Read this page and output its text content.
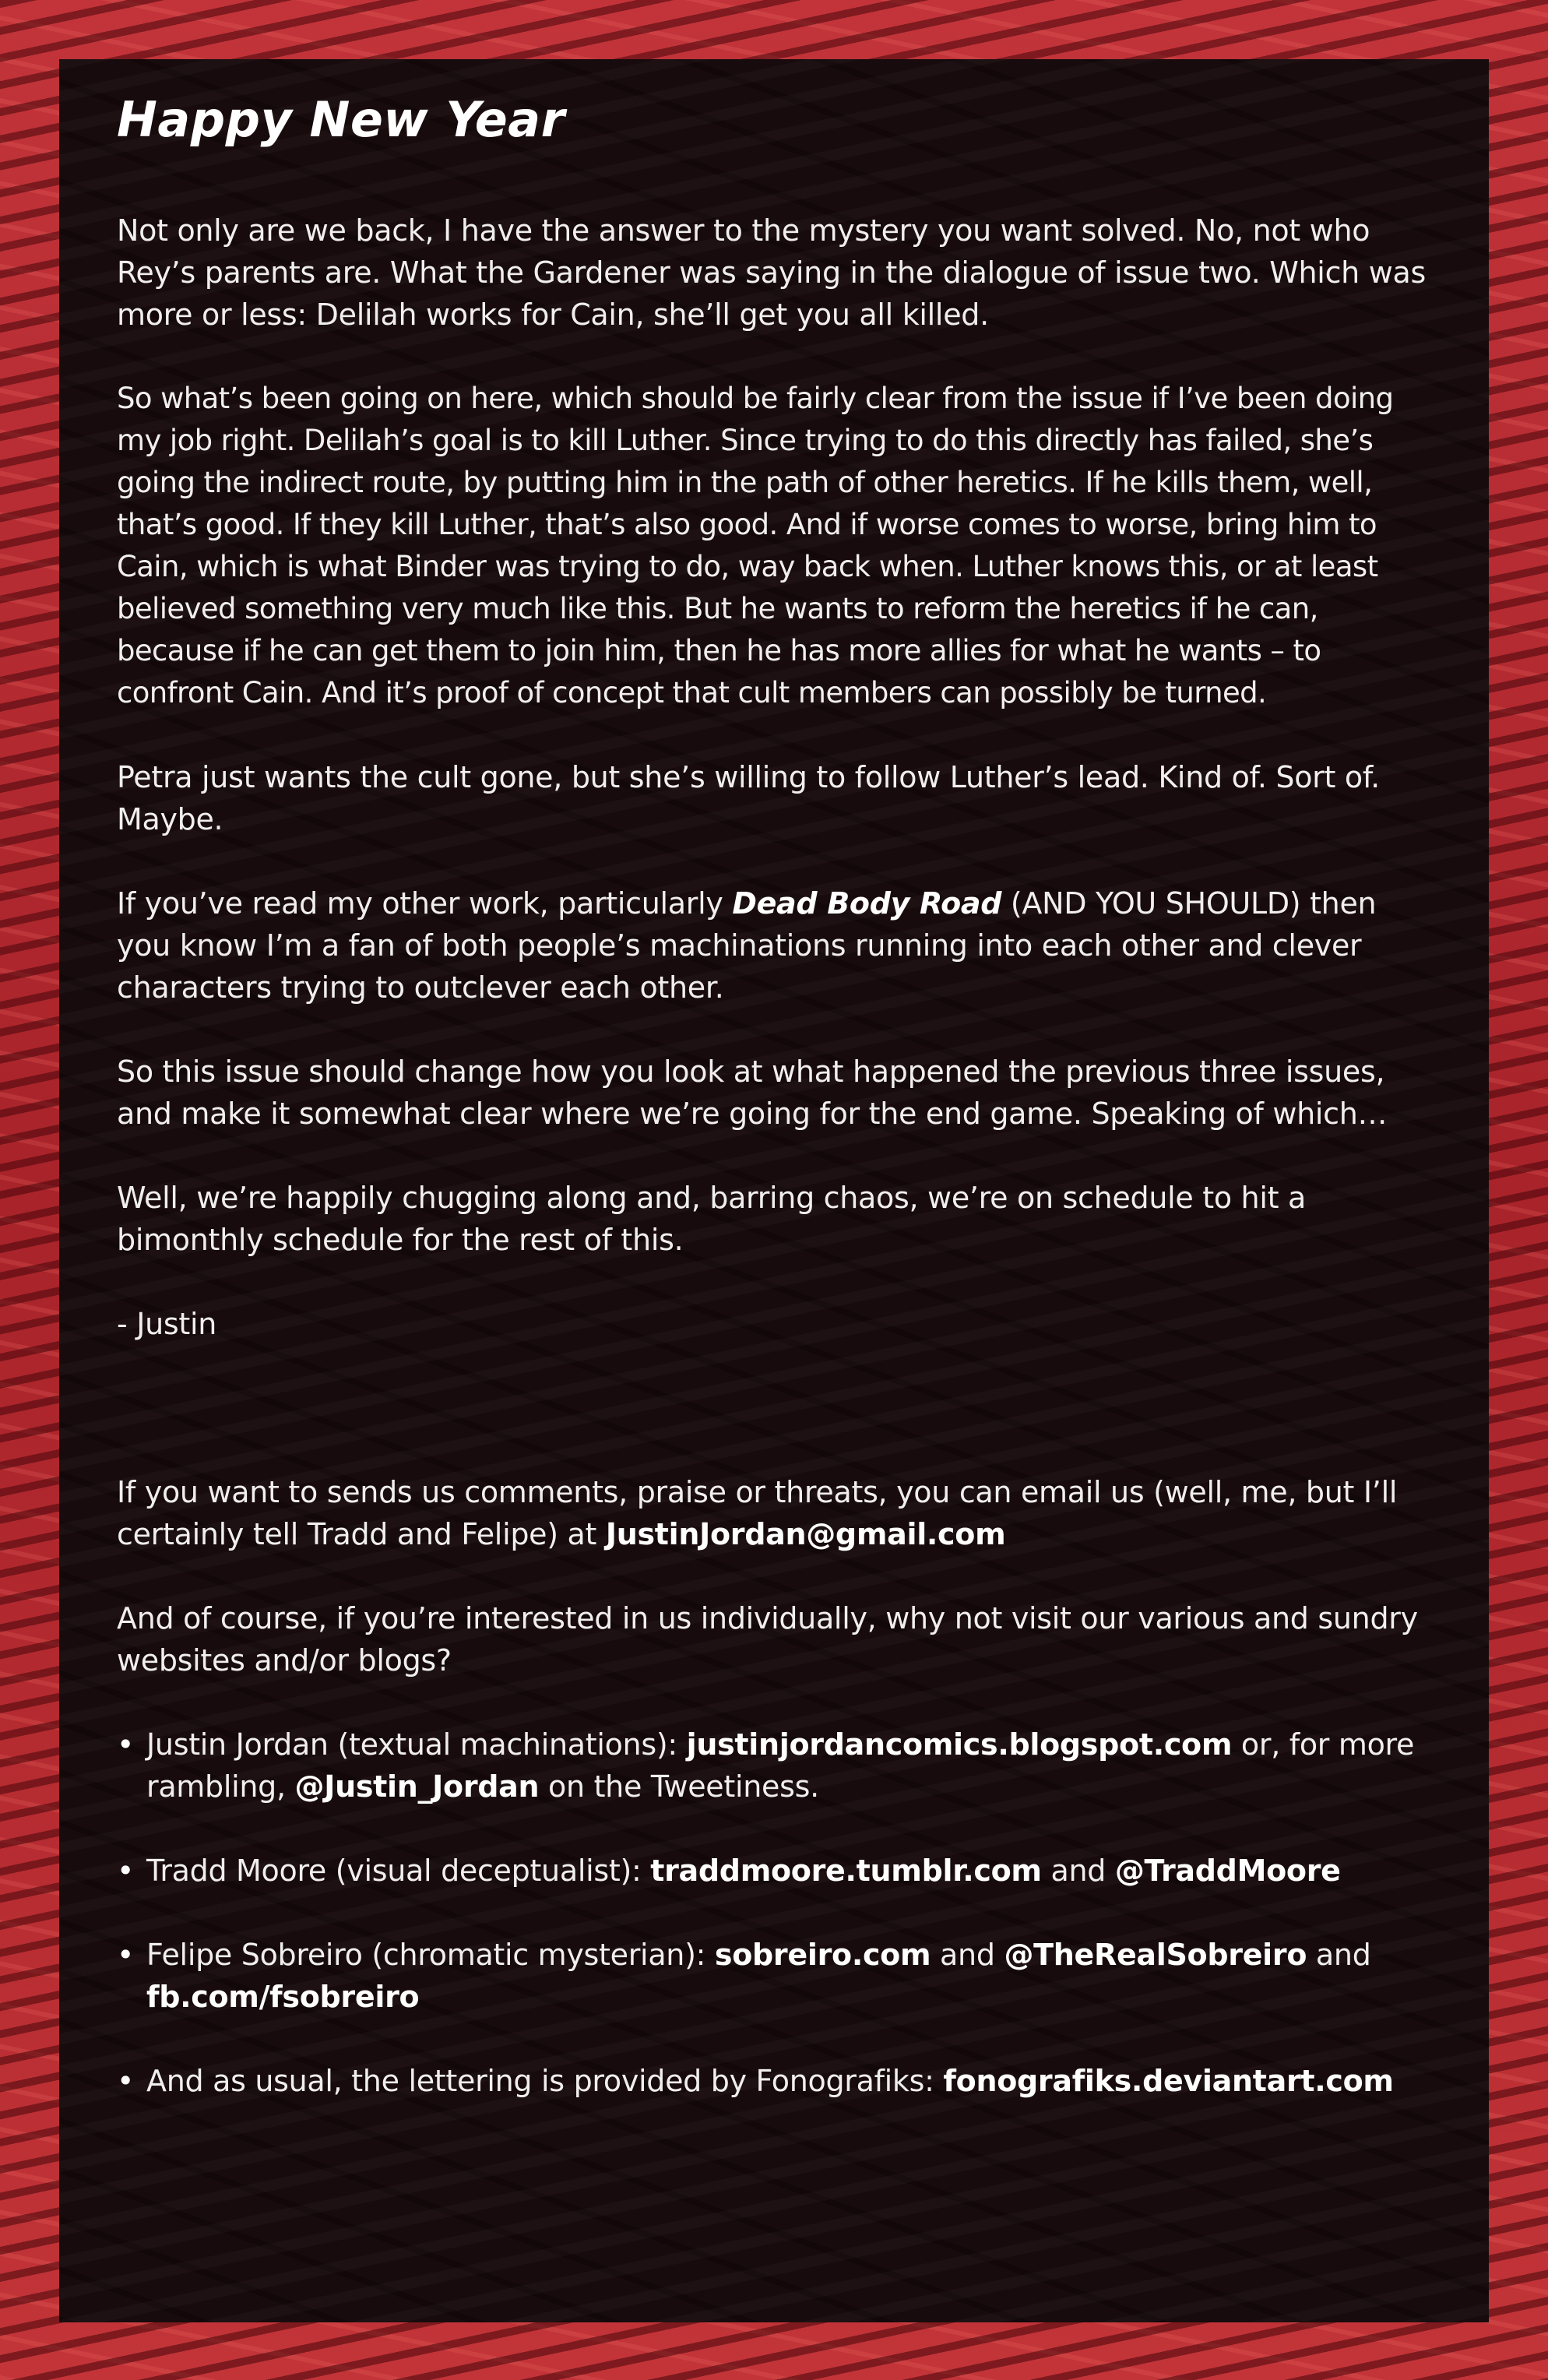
Happy New Year

Not only are we back, I have the answer to the mystery you want solved. No, not who Rey’s parents are. What the Gardener was saying in the dialogue of issue two. Which was more or less: Delilah works for Cain, she’ll get you all killed.

So what’s been going on here, which should be fairly clear from the issue if I’ve been doing my job right. Delilah’s goal is to kill Luther. Since trying to do this directly has failed, she’s going the indirect route, by putting him in the path of other heretics. If he kills them, well, that’s good. If they kill Luther, that’s also good. And if worse comes to worse, bring him to Cain, which is what Binder was trying to do, way back when. Luther knows this, or at least believed something very much like this. But he wants to reform the heretics if he can, because if he can get them to join him, then he has more allies for what he wants – to confront Cain. And it’s proof of concept that cult members can possibly be turned.

Petra just wants the cult gone, but she’s willing to follow Luther’s lead. Kind of. Sort of. Maybe.

If you’ve read my other work, particularly Dead Body Road (AND YOU SHOULD) then you know I’m a fan of both people’s machinations running into each other and clever characters trying to outclever each other.

So this issue should change how you look at what happened the previous three issues, and make it somewhat clear where we’re going for the end game. Speaking of which…

Well, we’re happily chugging along and, barring chaos, we’re on schedule to hit a bimonthly schedule for the rest of this.

- Justin

If you want to sends us comments, praise or threats, you can email us (well, me, but I’ll certainly tell Tradd and Felipe) at JustinJordan@gmail.com

And of course, if you’re interested in us individually, why not visit our various and sundry websites and/or blogs?

• Justin Jordan (textual machinations): justinjordancomics.blogspot.com or, for more rambling, @Justin_Jordan on the Tweetiness.
• Tradd Moore (visual deceptualist): traddmoore.tumblr.com and @TraddMoore
• Felipe Sobreiro (chromatic mysterian): sobreiro.com and @TheRealSobreiro and fb.com/fsobreiro
• And as usual, the lettering is provided by Fonografiks: fonografiks.deviantart.com
